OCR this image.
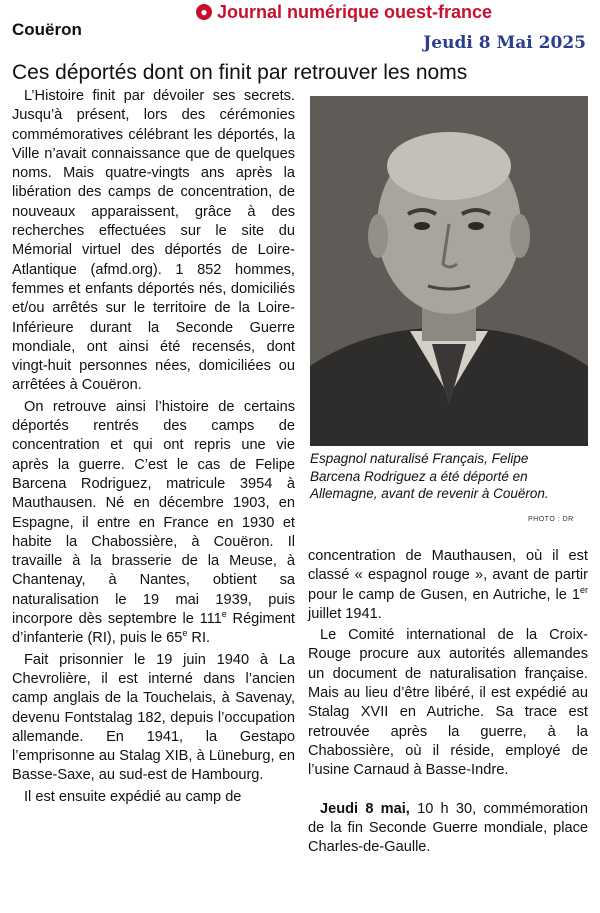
Couëron
● Journal numérique ouest-france
Jeudi 8 Mai 2025
Ces déportés dont on finit par retrouver les noms

L’Histoire finit par dévoiler ses secrets. Jusqu’à présent, lors des cérémonies commémoratives célébrant les déportés, la Ville n’avait connaissance que de quelques noms. Mais quatre-vingts ans après la libération des camps de concentration, de nouveaux apparaissent, grâce à des recherches effectuées sur le site du Mémorial virtuel des déportés de Loire-Atlantique (afmd.org). 1 852 hommes, femmes et enfants déportés nés, domiciliés et/ou arrêtés sur le territoire de la Loire-Inférieure durant la Seconde Guerre mondiale, ont ainsi été recensés, dont vingt-huit personnes nées, domiciliées ou arrêtées à Couëron.

On retrouve ainsi l’histoire de certains déportés rentrés des camps de concentration et qui ont repris une vie après la guerre. C’est le cas de Felipe Barcena Rodriguez, matricule 3954 à Mauthausen. Né en décembre 1903, en Espagne, il entre en France en 1930 et habite la Chabossière, à Couëron. Il travaille à la brasserie de la Meuse, à Chantenay, à Nantes, obtient sa naturalisation le 19 mai 1939, puis incorpore dès septembre le 111e Régiment d’infanterie (RI), puis le 65e RI.

Fait prisonnier le 19 juin 1940 à La Chevrolière, il est interné dans l’ancien camp anglais de la Touchelais, à Savenay, devenu Fontstalag 182, depuis l’occupation allemande. En 1941, la Gestapo l’emprisonne au Stalag XIB, à Lüneburg, en Basse-Saxe, au sud-est de Hambourg.

Il est ensuite expédié au camp de

Espagnol naturalisé Français, Felipe Barcena Rodriguez a été déporté en Allemagne, avant de revenir à Couëron.
PHOTO : DR

concentration de Mauthausen, où il est classé « espagnol rouge », avant de partir pour le camp de Gusen, en Autriche, le 1er juillet 1941.

Le Comité international de la Croix-Rouge procure aux autorités allemandes un document de naturalisation française. Mais au lieu d’être libéré, il est expédié au Stalag XVII en Autriche. Sa trace est retrouvée après la guerre, à la Chabossière, où il réside, employé de l’usine Carnaud à Basse-Indre.

Jeudi 8 mai, 10 h 30, commémoration de la fin Seconde Guerre mondiale, place Charles-de-Gaulle.
